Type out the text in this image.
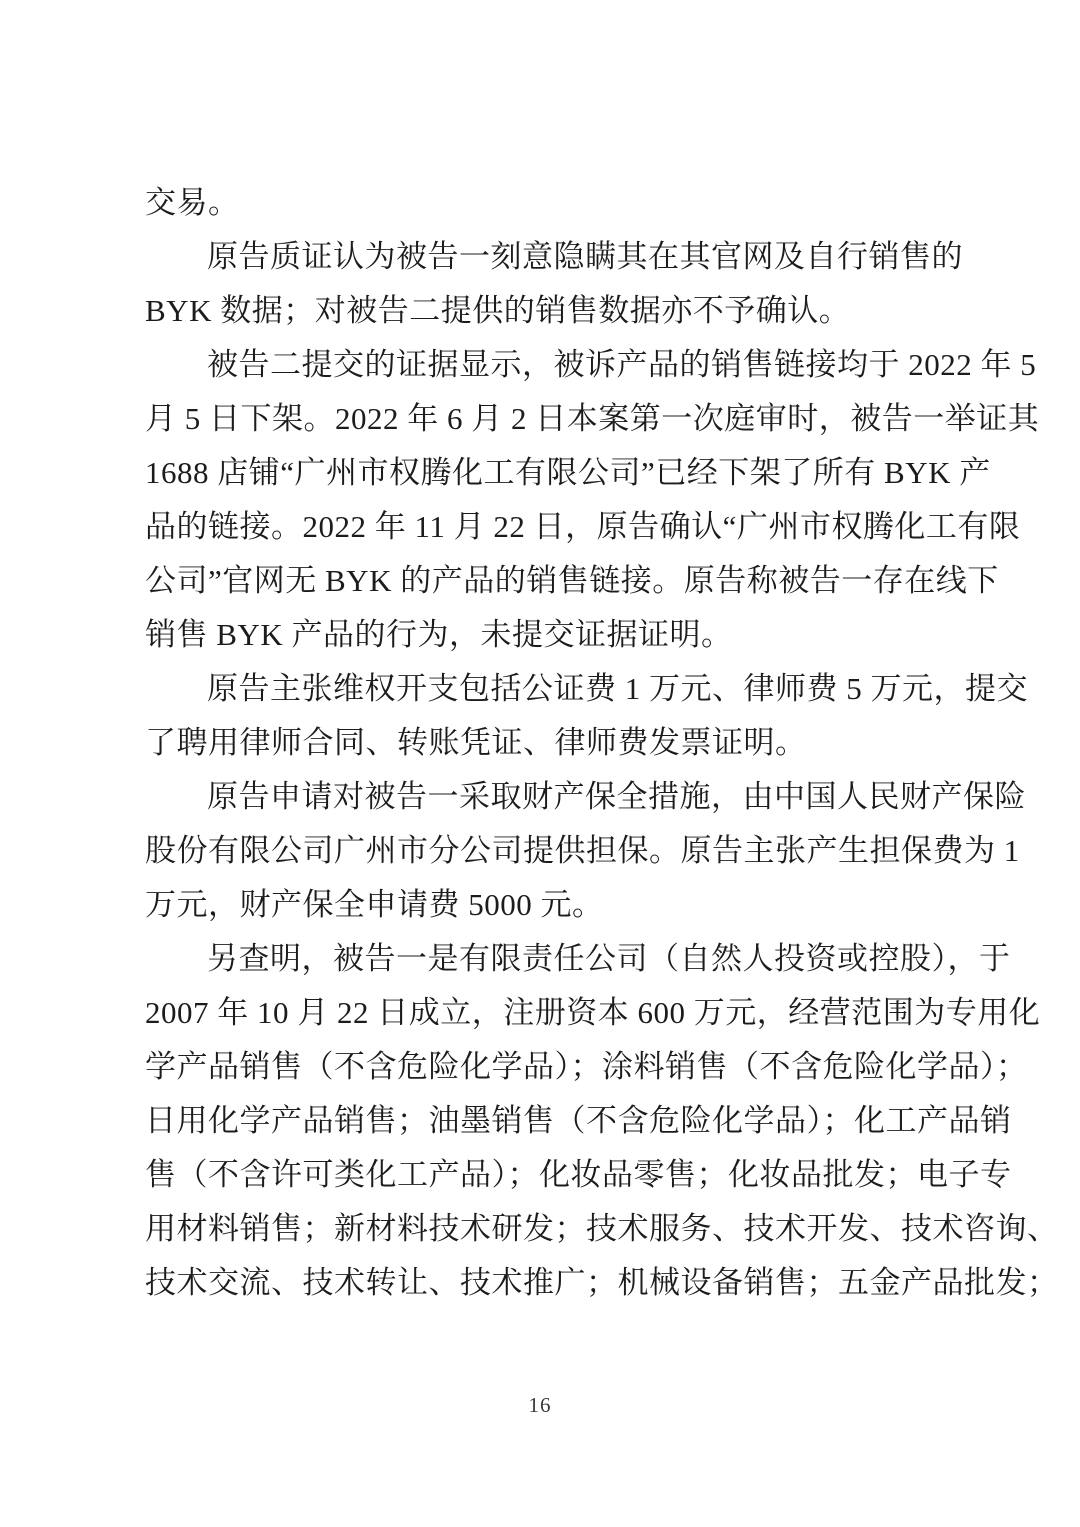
交易。
原告质证认为被告一刻意隐瞒其在其官网及自行销售的
BYK 数据；对被告二提供的销售数据亦不予确认。
被告二提交的证据显示，被诉产品的销售链接均于 2022 年 5
月 5 日下架。2022 年 6 月 2 日本案第一次庭审时，被告一举证其
1688 店铺“广州市权腾化工有限公司”已经下架了所有 BYK 产
品的链接。2022 年 11 月 22 日，原告确认“广州市权腾化工有限
公司”官网无 BYK 的产品的销售链接。原告称被告一存在线下
销售 BYK 产品的行为，未提交证据证明。
原告主张维权开支包括公证费 1 万元、律师费 5 万元，提交
了聘用律师合同、转账凭证、律师费发票证明。
原告申请对被告一采取财产保全措施，由中国人民财产保险
股份有限公司广州市分公司提供担保。原告主张产生担保费为 1
万元，财产保全申请费 5000 元。
另查明，被告一是有限责任公司（自然人投资或控股），于
2007 年 10 月 22 日成立，注册资本 600 万元，经营范围为专用化
学产品销售（不含危险化学品）；涂料销售（不含危险化学品）；
日用化学产品销售；油墨销售（不含危险化学品）；化工产品销
售（不含许可类化工产品）；化妆品零售；化妆品批发；电子专
用材料销售；新材料技术研发；技术服务、技术开发、技术咨询、
技术交流、技术转让、技术推广；机械设备销售；五金产品批发；
16
